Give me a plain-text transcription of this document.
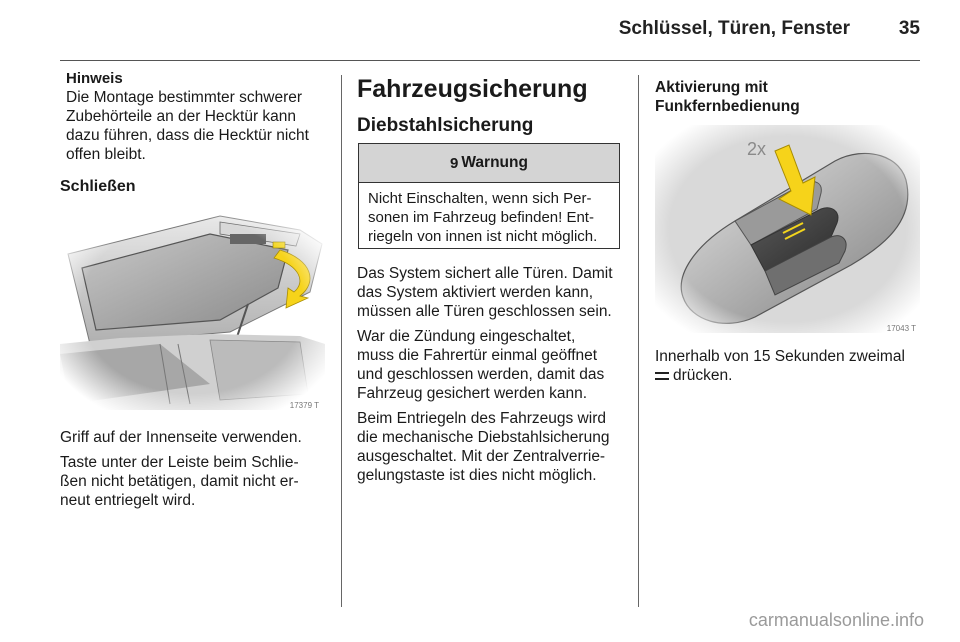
Schlüssel, Türen, Fenster	35
Hinweis
Die Montage bestimmter schwerer
Zubehörteile an der Hecktür kann
dazu führen, dass die Hecktür nicht
offen bleibt.
Schließen
17379 T
Griff auf der Innenseite verwenden.
Taste unter der Leiste beim Schlie-
ßen nicht betätigen, damit nicht er-
neut entriegelt wird.
Fahrzeugsicherung
Diebstahlsicherung
9 Warnung
Nicht Einschalten, wenn sich Per-
sonen im Fahrzeug befinden! Ent-
riegeln von innen ist nicht möglich.
Das System sichert alle Türen. Damit
das System aktiviert werden kann,
müssen alle Türen geschlossen sein.
War die Zündung eingeschaltet,
muss die Fahrertür einmal geöffnet
und geschlossen werden, damit das
Fahrzeug gesichert werden kann.
Beim Entriegeln des Fahrzeugs wird
die mechanische Diebstahlsicherung
ausgeschaltet. Mit der Zentralverrie-
gelungstaste ist dies nicht möglich.
Aktivierung mit
Funkfernbedienung
2x
17043 T
Innerhalb von 15 Sekunden zweimal
drücken.
carmanualsonline.info
